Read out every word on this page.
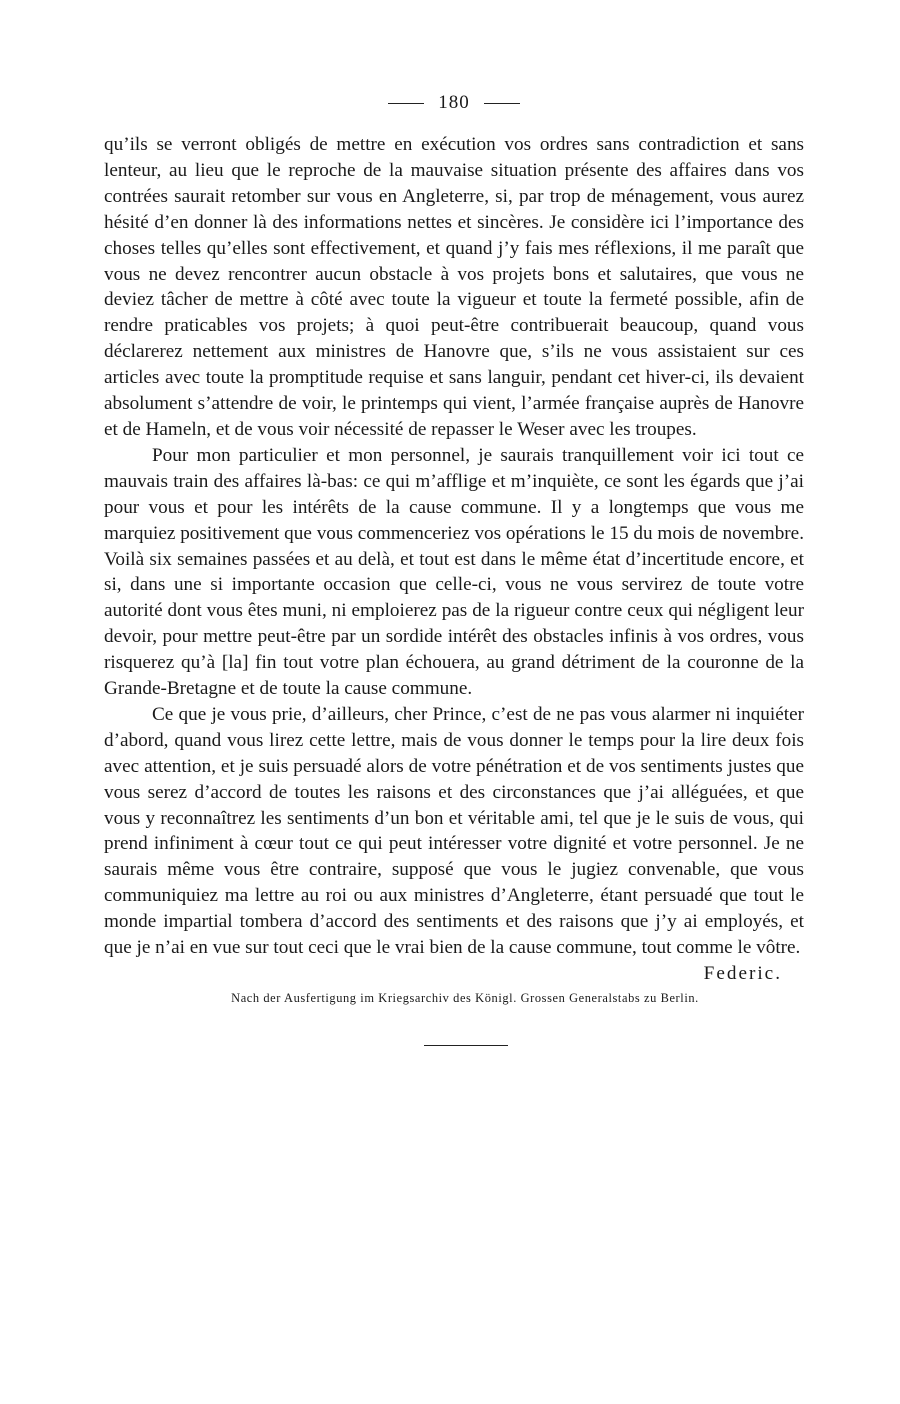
180

qu’ils se verront obligés de mettre en exécution vos ordres sans contradiction et sans lenteur, au lieu que le reproche de la mauvaise situation présente des affaires dans vos contrées saurait retomber sur vous en Angleterre, si, par trop de ménagement, vous aurez hésité d’en donner là des informations nettes et sincères. Je considère ici l’importance des choses telles qu’elles sont effectivement, et quand j’y fais mes réflexions, il me paraît que vous ne devez rencontrer aucun obstacle à vos projets bons et salutaires, que vous ne deviez tâcher de mettre à côté avec toute la vigueur et toute la fermeté possible, afin de rendre praticables vos projets; à quoi peut-être contribuerait beaucoup, quand vous déclarerez nettement aux ministres de Hanovre que, s’ils ne vous assistaient sur ces articles avec toute la promptitude requise et sans languir, pendant cet hiver-ci, ils devaient absolument s’attendre de voir, le printemps qui vient, l’armée française auprès de Hanovre et de Hameln, et de vous voir nécessité de repasser le Weser avec les troupes.

Pour mon particulier et mon personnel, je saurais tranquillement voir ici tout ce mauvais train des affaires là-bas: ce qui m’afflige et m’inquiète, ce sont les égards que j’ai pour vous et pour les intérêts de la cause commune. Il y a longtemps que vous me marquiez positivement que vous commenceriez vos opérations le 15 du mois de novembre. Voilà six semaines passées et au delà, et tout est dans le même état d’incertitude encore, et si, dans une si importante occasion que celle-ci, vous ne vous servirez de toute votre autorité dont vous êtes muni, ni emploierez pas de la rigueur contre ceux qui négligent leur devoir, pour mettre peut-être par un sordide intérêt des obstacles infinis à vos ordres, vous risquerez qu’à [la] fin tout votre plan échouera, au grand détriment de la couronne de la Grande-Bretagne et de toute la cause commune.

Ce que je vous prie, d’ailleurs, cher Prince, c’est de ne pas vous alarmer ni inquiéter d’abord, quand vous lirez cette lettre, mais de vous donner le temps pour la lire deux fois avec attention, et je suis persuadé alors de votre pénétration et de vos sentiments justes que vous serez d’accord de toutes les raisons et des circonstances que j’ai alléguées, et que vous y reconnaîtrez les sentiments d’un bon et véritable ami, tel que je le suis de vous, qui prend infiniment à cœur tout ce qui peut intéresser votre dignité et votre personnel. Je ne saurais même vous être contraire, supposé que vous le jugiez convenable, que vous communiquiez ma lettre au roi ou aux ministres d’Angleterre, étant persuadé que tout le monde impartial tombera d’accord des sentiments et des raisons que j’y ai employés, et que je n’ai en vue sur tout ceci que le vrai bien de la cause commune, tout comme le vôtre.

Federic.
Nach der Ausfertigung im Kriegsarchiv des Königl. Grossen Generalstabs zu Berlin.
